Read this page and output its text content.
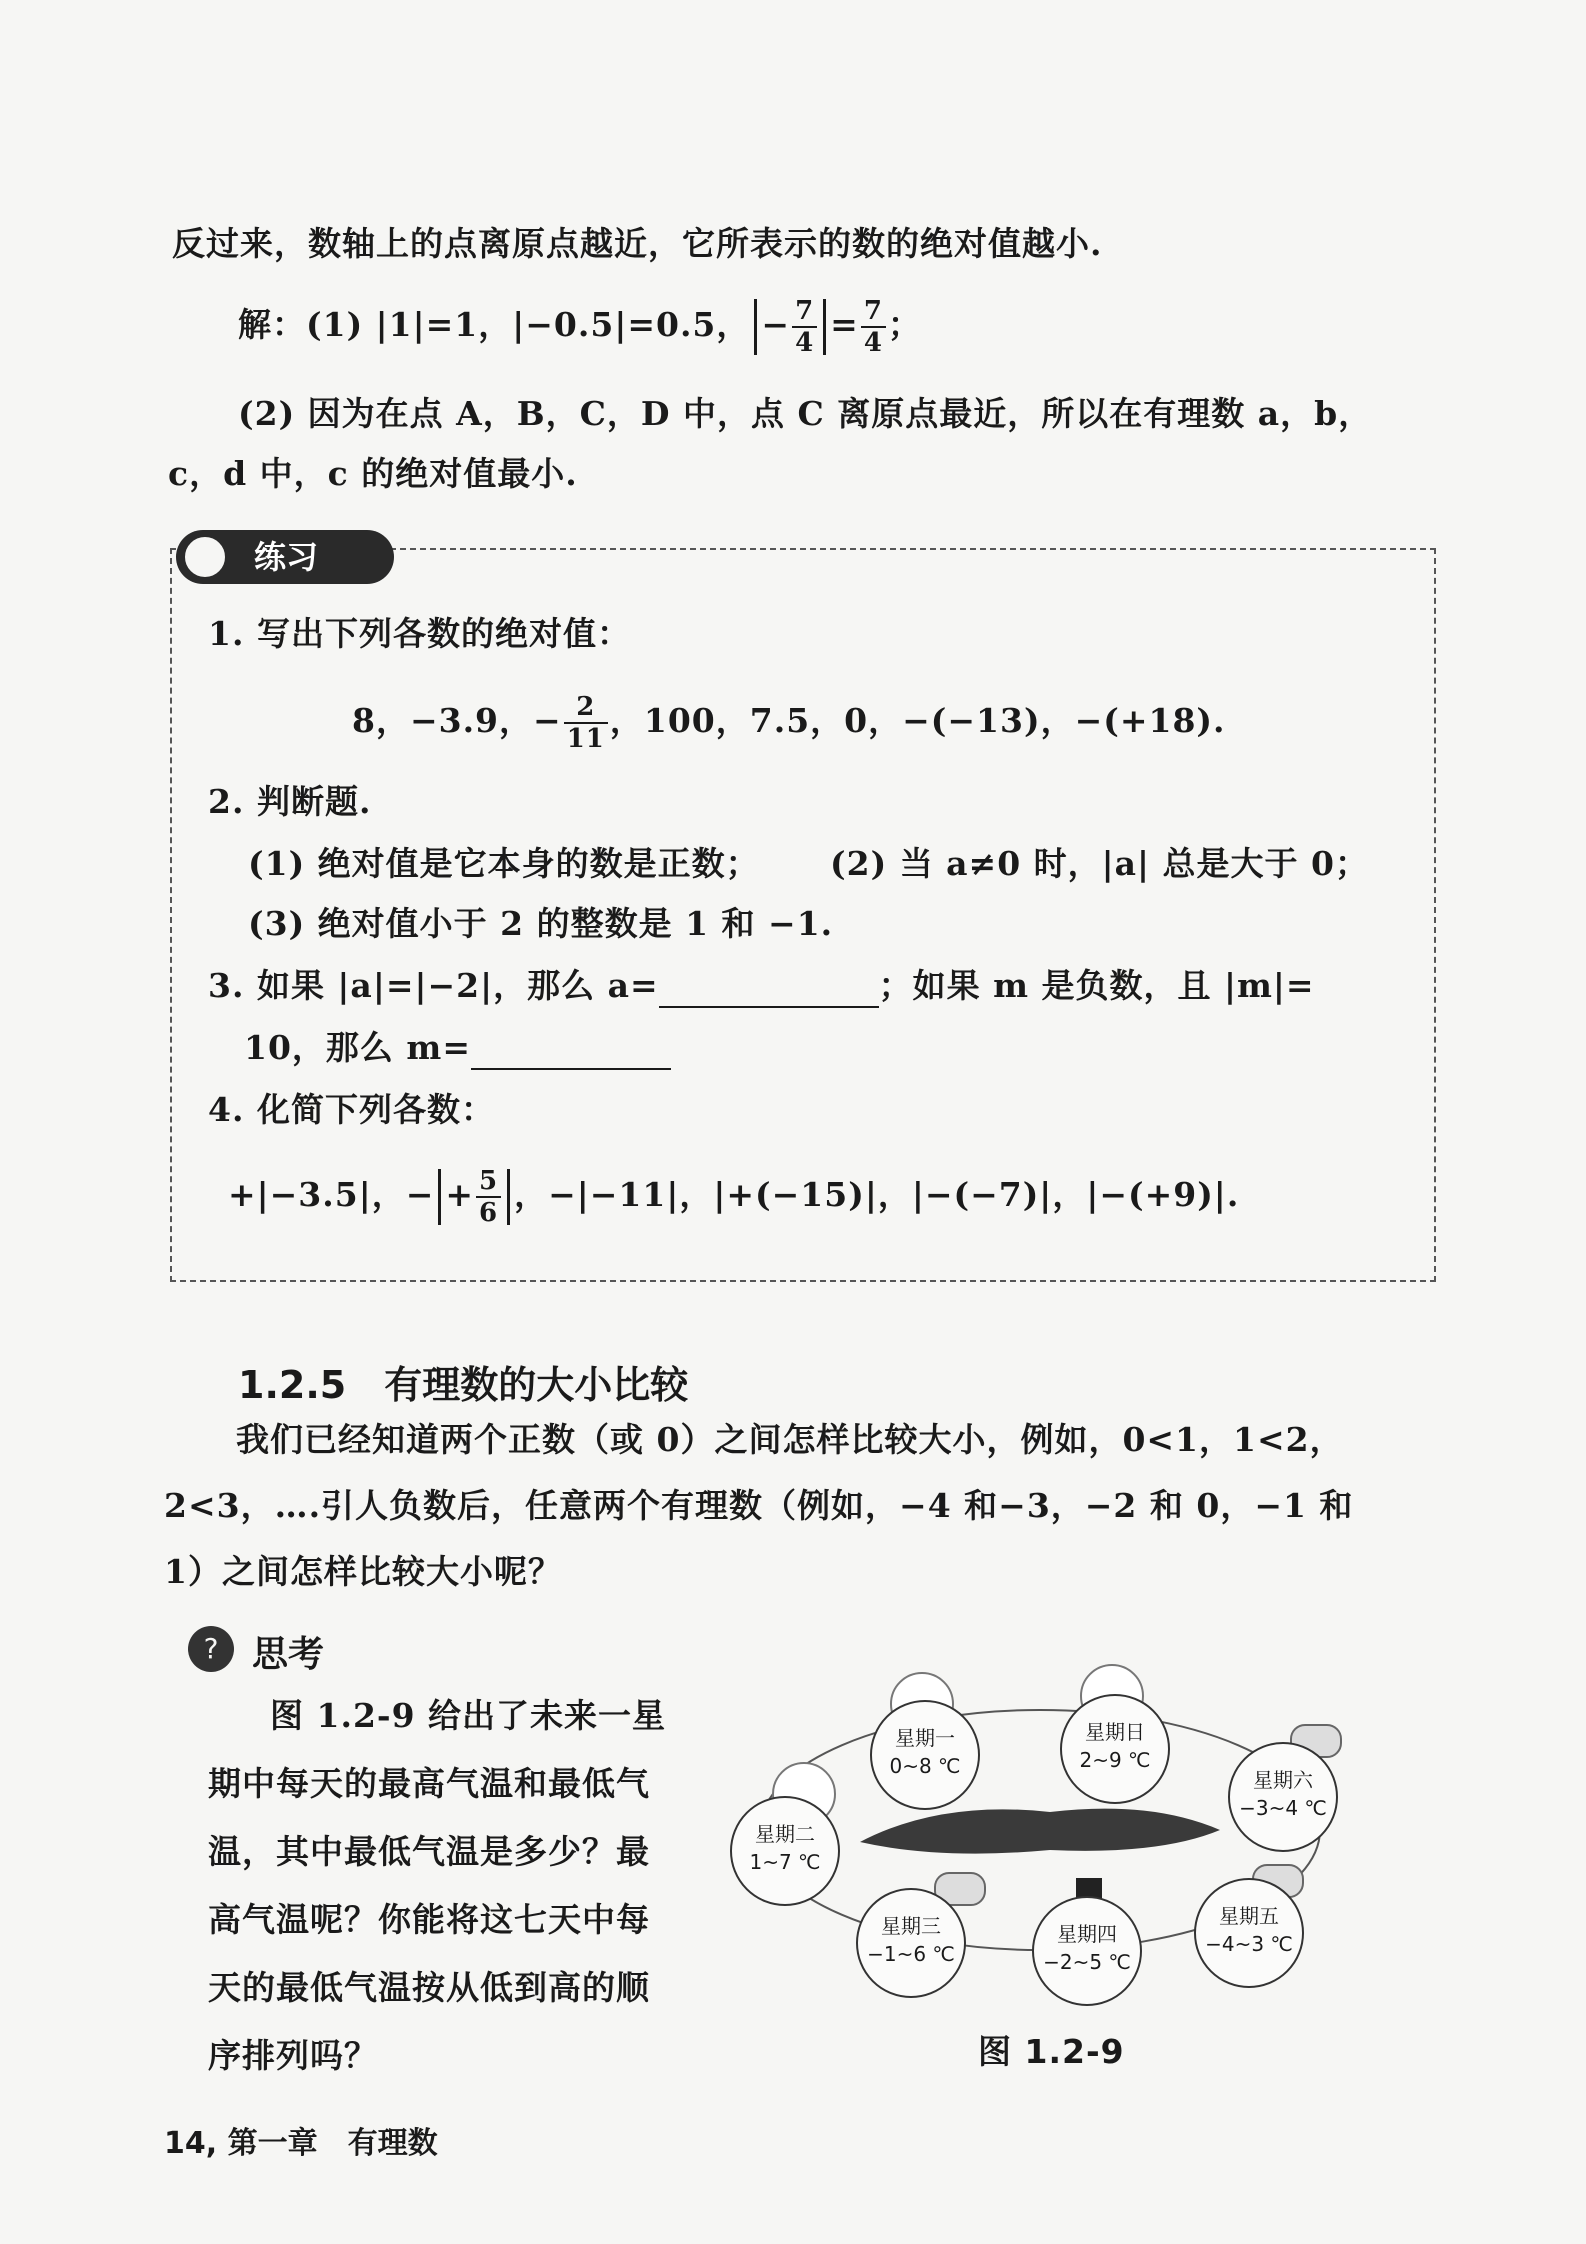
反过来，数轴上的点离原点越近，它所表示的数的绝对值越小.
解：(1) |1|=1，|−0.5|=0.5， − $\frac{7}{4} = \frac{7}{4}$ ；
(2) 因为在点 A，B，C，D 中，点 C 离原点最近，所以在有理数 a，b，
c，d 中，c 的绝对值最小.
练习
1. 写出下列各数的绝对值：
8，−3.9，− $\frac{2}{11}$ ，100，7.5，0，−(−13)，−(+18).
2. 判断题.
(1) 绝对值是它本身的数是正数； (2) 当 a≠0 时，|a| 总是大于 0；
(3) 绝对值小于 2 的整数是 1 和 −1.
3. 如果 |a|=|−2|，那么 a=	；如果 m 是负数，且 |m|=
10，那么 m=
4. 化简下列各数：
+|−3.5|，− + $\frac{5}{6}$ ，−|−11|，|+(−15)|，|−(−7)|，|−(+9)|.
1.2.5　有理数的大小比较
我们已经知道两个正数（或 0）之间怎样比较大小，例如，0<1，1<2，
2<3，….引人负数后，任意两个有理数（例如，−4 和−3，−2 和 0，−1 和
1）之间怎样比较大小呢？
? 思考
图 1.2-9 给出了未来一星
期中每天的最高气温和最低气
温，其中最低气温是多少？最
高气温呢？你能将这七天中每
天的最低气温按从低到高的顺
序排列吗？
星期一
0~8 ℃
星期日
2~9 ℃
星期六
−3~4 ℃
星期二
1~7 ℃
星期三
−1~6 ℃
星期四
−2~5 ℃
星期五
−4~3 ℃
图 1.2-9
14, 第一章　 有理数
